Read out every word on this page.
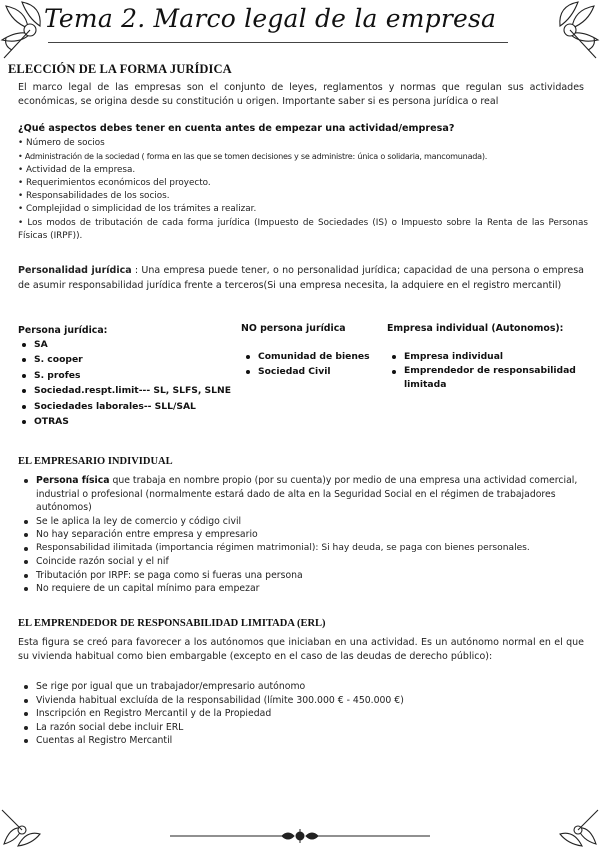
Tema 2. Marco legal de la empresa
ELECCIÓN DE LA FORMA JURÍDICA
El marco legal de las empresas son el conjunto de leyes, reglamentos y normas que regulan sus actividades económicas, se origina desde su constitución u origen. Importante saber si es persona jurídica o real
¿Qué aspectos debes tener en cuenta antes de empezar una actividad/empresa?
• Número de socios
• Administración de la sociedad ( forma en las que se tomen decisiones y se administre: única o solidaria, mancomunada).
• Actividad de la empresa.
• Requerimientos económicos del proyecto.
• Responsabilidades de los socios.
• Complejidad o simplicidad de los trámites a realizar.
• Los modos de tributación de cada forma jurídica (Impuesto de Sociedades (IS) o Impuesto sobre la Renta de las Personas Físicas (IRPF)).
Personalidad jurídica : Una empresa puede tener, o no personalidad jurídica; capacidad de una persona o empresa de asumir responsabilidad jurídica frente a terceros(Si una empresa necesita, la adquiere en el registro mercantil)
Persona jurídica:
SA
S. cooper
S. profes
Sociedad.respt.limit--- SL, SLFS, SLNE
Sociedades laborales-- SLL/SAL
OTRAS
NO persona jurídica
Comunidad de bienes
Sociedad Civil
Empresa individual (Autonomos):
Empresa individual
Emprendedor de responsabilidad limitada
EL EMPRESARIO INDIVIDUAL
Persona física que trabaja en nombre propio (por su cuenta)y por medio de una empresa una actividad comercial, industrial o profesional (normalmente estará dado de alta en la Seguridad Social en el régimen de trabajadores autónomos)
Se le aplica la ley de comercio y código civil
No hay separación entre empresa y empresario
Responsabilidad ilimitada (importancia régimen matrimonial): Si hay deuda, se paga con bienes personales.
Coincide razón social y el nif
Tributación por IRPF: se paga como si fueras una persona
No requiere de un capital mínimo para empezar
EL EMPRENDEDOR DE RESPONSABILIDAD LIMITADA (ERL)
Esta figura se creó para favorecer a los autónomos que iniciaban en una actividad. Es un autónomo normal en el que su vivienda habitual como bien embargable (excepto en el caso de las deudas de derecho público):
Se rige por igual que un trabajador/empresario autónomo
Vivienda habitual excluída de la responsabilidad (límite 300.000 € - 450.000 €)
Inscripción en Registro Mercantil y de la Propiedad
La razón social debe incluir ERL
Cuentas al Registro Mercantil
